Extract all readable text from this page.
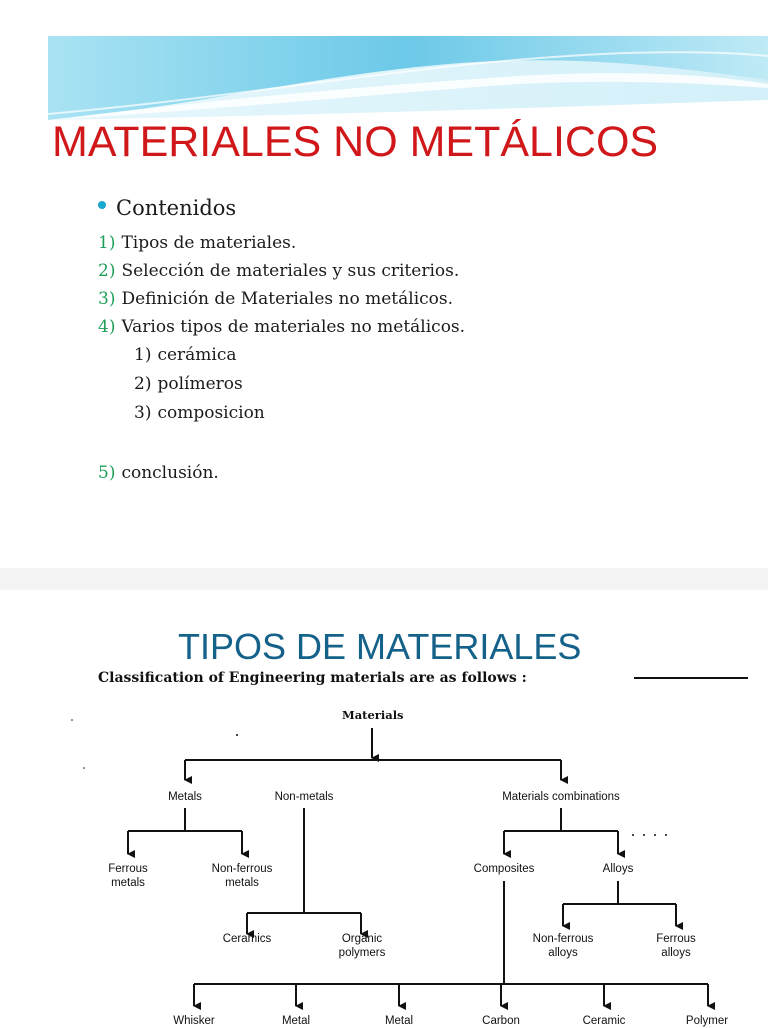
MATERIALES NO METÁLICOS
Contenidos
1) Tipos de materiales.
2) Selección de materiales y sus criterios.
3) Definición de Materiales no metálicos.
4) Varios tipos de materiales no metálicos.
1) cerámica
2) polímeros
3) composicion
5) conclusión.
TIPOS DE MATERIALES
Classification of Engineering materials are as follows :
Materials
Metals	Non-metals	Materials combinations
Ferrous metals
Non-ferrous metals
Composites	Alloys
Ceramics	Organic polymers
Non-ferrous alloys
Ferrous alloys
Whisker	Metal	Metal	Carbon	Ceramic	Polymer
